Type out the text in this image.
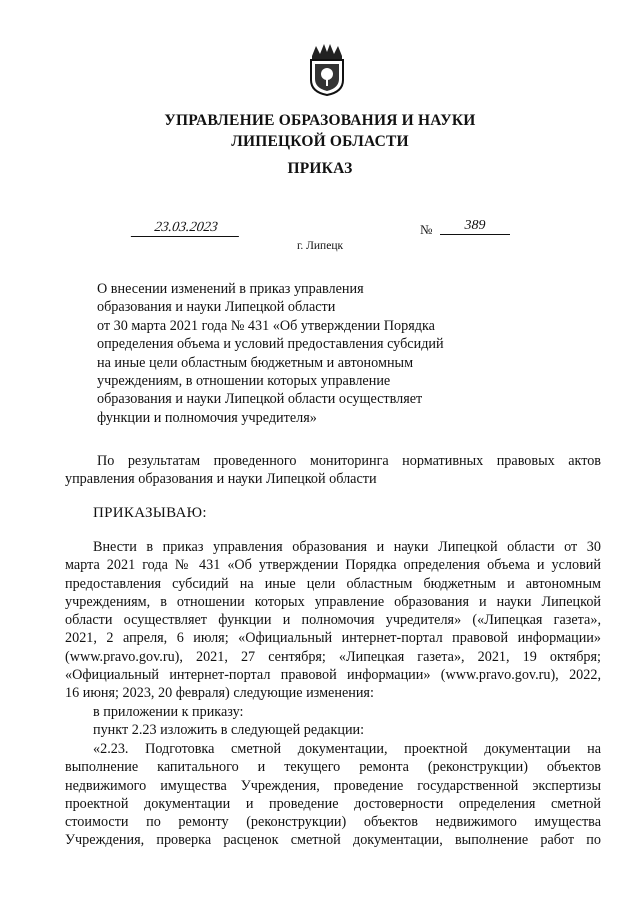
УПРАВЛЕНИЕ ОБРАЗОВАНИЯ И НАУКИ
ЛИПЕЦКОЙ ОБЛАСТИ
ПРИКАЗ
23.03.2023	№	389
г. Липецк
О внесении изменений в приказ управления
образования и науки Липецкой области
от 30 марта 2021 года № 431 «Об утверждении Порядка
определения объема и условий предоставления субсидий
на иные цели областным бюджетным и автономным
учреждениям, в отношении которых управление
образования и науки Липецкой области осуществляет
функции и полномочия учредителя»
По результатам проведенного мониторинга нормативных правовых актов
управления образования и науки Липецкой области
ПРИКАЗЫВАЮ:
Внести в приказ управления образования и науки Липецкой области от 30
марта 2021 года № 431 «Об утверждении Порядка определения объема и условий
предоставления субсидий на иные цели областным бюджетным и автономным
учреждениям, в отношении которых управление образования и науки Липецкой
области осуществляет функции и полномочия учредителя» («Липецкая газета»,
2021, 2 апреля, 6 июля; «Официальный интернет-портал правовой информации»
(www.pravo.gov.ru), 2021, 27 сентября; «Липецкая газета», 2021, 19 октября;
«Официальный интернет-портал правовой информации» (www.pravo.gov.ru), 2022,
16 июня; 2023, 20 февраля) следующие изменения:
в приложении к приказу:
пункт 2.23 изложить в следующей редакции:
«2.23. Подготовка сметной документации, проектной документации на
выполнение капитального и текущего ремонта (реконструкции) объектов
недвижимого имущества Учреждения, проведение государственной экспертизы
проектной документации и проведение достоверности определения сметной
стоимости по ремонту (реконструкции) объектов недвижимого имущества
Учреждения, проверка расценок сметной документации, выполнение работ по
